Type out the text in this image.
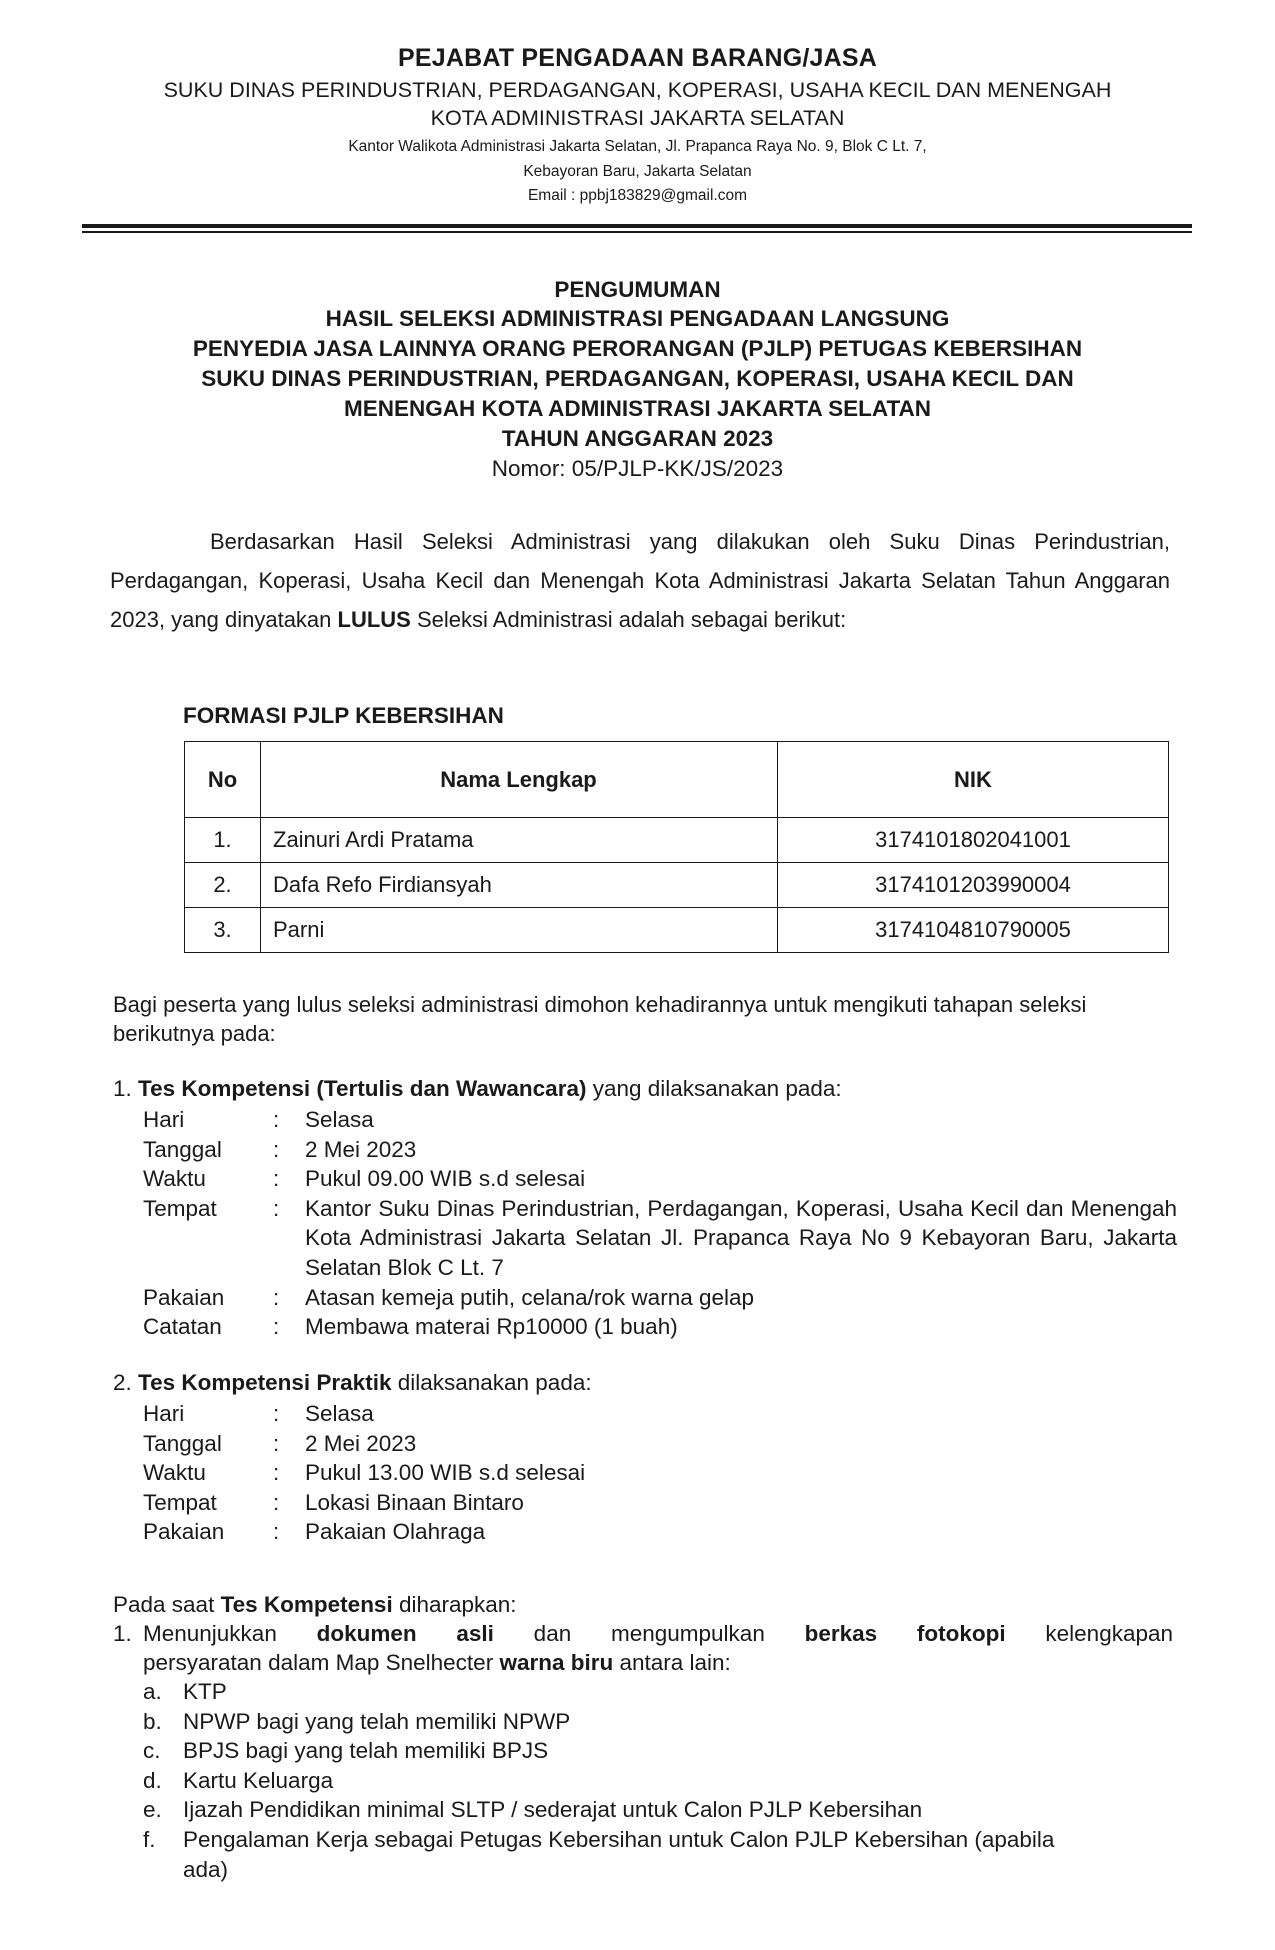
PEJABAT PENGADAAN BARANG/JASA
SUKU DINAS PERINDUSTRIAN, PERDAGANGAN, KOPERASI, USAHA KECIL DAN MENENGAH
KOTA ADMINISTRASI JAKARTA SELATAN
Kantor Walikota Administrasi Jakarta Selatan, Jl. Prapanca Raya No. 9, Blok C Lt. 7,
Kebayoran Baru, Jakarta Selatan
Email : ppbj183829@gmail.com
PENGUMUMAN
HASIL SELEKSI ADMINISTRASI PENGADAAN LANGSUNG
PENYEDIA JASA LAINNYA ORANG PERORANGAN (PJLP) PETUGAS KEBERSIHAN
SUKU DINAS PERINDUSTRIAN, PERDAGANGAN, KOPERASI, USAHA KECIL DAN
MENENGAH KOTA ADMINISTRASI JAKARTA SELATAN
TAHUN ANGGARAN 2023
Nomor: 05/PJLP-KK/JS/2023
Berdasarkan Hasil Seleksi Administrasi yang dilakukan oleh Suku Dinas Perindustrian, Perdagangan, Koperasi, Usaha Kecil dan Menengah Kota Administrasi Jakarta Selatan Tahun Anggaran 2023, yang dinyatakan LULUS Seleksi Administrasi adalah sebagai berikut:
FORMASI PJLP KEBERSIHAN
No	Nama Lengkap	NIK
1.	Zainuri Ardi Pratama	3174101802041001
2.	Dafa Refo Firdiansyah	3174101203990004
3.	Parni	3174104810790005
Bagi peserta yang lulus seleksi administrasi dimohon kehadirannya untuk mengikuti tahapan seleksi berikutnya pada:
1. Tes Kompetensi (Tertulis dan Wawancara) yang dilaksanakan pada:
Hari	: Selasa
Tanggal : 2 Mei 2023
Waktu	: Pukul 09.00 WIB s.d selesai
Tempat : Kantor Suku Dinas Perindustrian, Perdagangan, Koperasi, Usaha Kecil dan Menengah Kota Administrasi Jakarta Selatan Jl. Prapanca Raya No 9 Kebayoran Baru, Jakarta Selatan Blok C Lt. 7
Pakaian : Atasan kemeja putih, celana/rok warna gelap
Catatan : Membawa materai Rp10000 (1 buah)
2. Tes Kompetensi Praktik dilaksanakan pada:
Hari	: Selasa
Tanggal : 2 Mei 2023
Waktu	: Pukul 13.00 WIB s.d selesai
Tempat : Lokasi Binaan Bintaro
Pakaian : Pakaian Olahraga
Pada saat Tes Kompetensi diharapkan:
1. Menunjukkan dokumen asli dan mengumpulkan berkas fotokopi kelengkapan
persyaratan dalam Map Snelhecter warna biru antara lain:
a. KTP
b. NPWP bagi yang telah memiliki NPWP
c. BPJS bagi yang telah memiliki BPJS
d. Kartu Keluarga
e. Ijazah Pendidikan minimal SLTP / sederajat untuk Calon PJLP Kebersihan
f. Pengalaman Kerja sebagai Petugas Kebersihan untuk Calon PJLP Kebersihan (apabila
ada)
